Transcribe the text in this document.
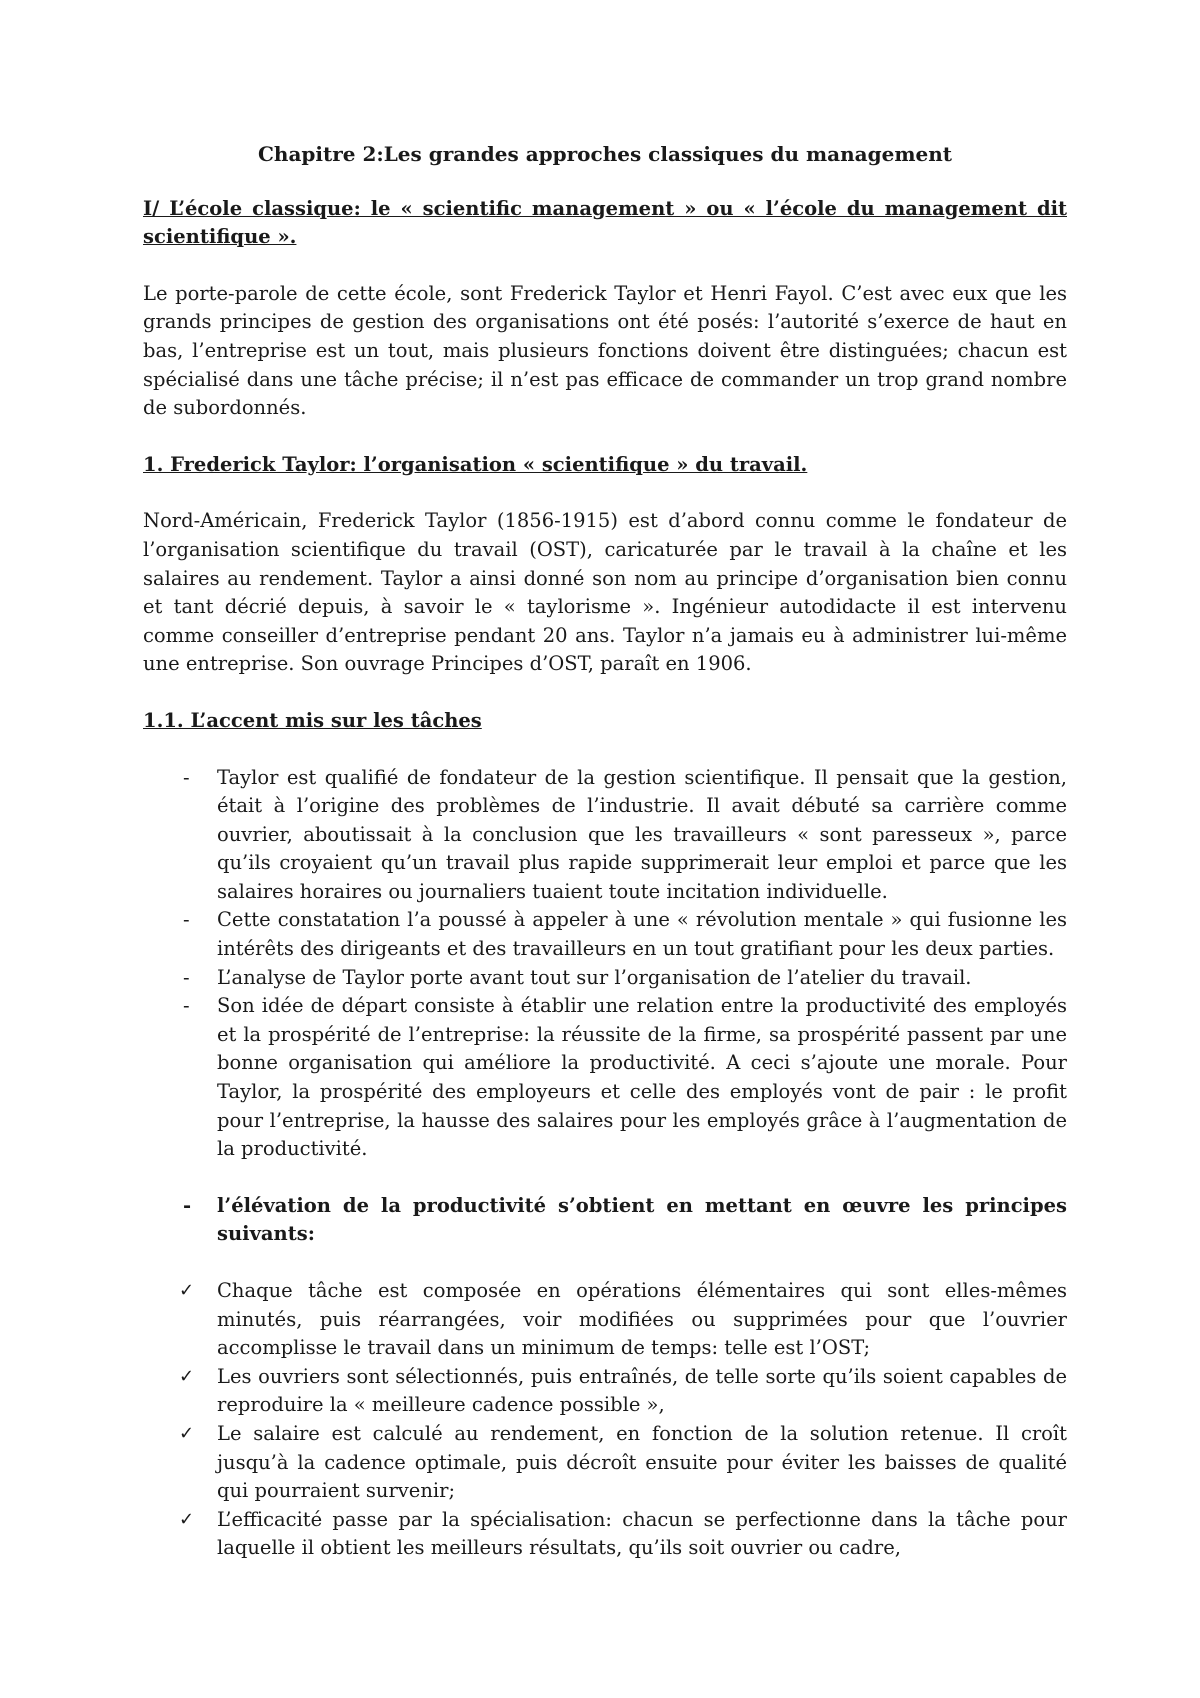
Chapitre 2:Les grandes approches classiques du management
I/ L’école classique: le « scientific management » ou « l’école du management dit scientifique ».

Le porte-parole de cette école, sont Frederick Taylor et Henri Fayol. C’est avec eux que les grands principes de gestion des organisations ont été posés: l’autorité s’exerce de haut en bas, l’entreprise est un tout, mais plusieurs fonctions doivent être distinguées; chacun est spécialisé dans une tâche précise; il n’est pas efficace de commander un trop grand nombre de subordonnés.

1. Frederick Taylor: l’organisation « scientifique » du travail.

Nord-Américain, Frederick Taylor (1856-1915) est d’abord connu comme le fondateur de l’organisation scientifique du travail (OST), caricaturée par le travail à la chaîne et les salaires au rendement. Taylor a ainsi donné son nom au principe d’organisation bien connu et tant décrié depuis, à savoir le « taylorisme ». Ingénieur autodidacte il est intervenu comme conseiller d’entreprise pendant 20 ans. Taylor n’a jamais eu à administrer lui-même une entreprise. Son ouvrage Principes d’OST, paraît en 1906.

1.1. L’accent mis sur les tâches
- Taylor est qualifié de fondateur de la gestion scientifique. Il pensait que la gestion, était à l’origine des problèmes de l’industrie. Il avait débuté sa carrière comme ouvrier, aboutissait à la conclusion que les travailleurs « sont paresseux », parce qu’ils croyaient qu’un travail plus rapide supprimerait leur emploi et parce que les salaires horaires ou journaliers tuaient toute incitation individuelle.
- Cette constatation l’a poussé à appeler à une « révolution mentale » qui fusionne les intérêts des dirigeants et des travailleurs en un tout gratifiant pour les deux parties.
- L’analyse de Taylor porte avant tout sur l’organisation de l’atelier du travail.
- Son idée de départ consiste à établir une relation entre la productivité des employés et la prospérité de l’entreprise: la réussite de la firme, sa prospérité passent par une bonne organisation qui améliore la productivité. A ceci s’ajoute une morale. Pour Taylor, la prospérité des employeurs et celle des employés vont de pair : le profit pour l’entreprise, la hausse des salaires pour les employés grâce à l’augmentation de la productivité.
- l’élévation de la productivité s’obtient en mettant en œuvre les principes suivants:
✓ Chaque tâche est composée en opérations élémentaires qui sont elles-mêmes minutés, puis réarrangées, voir modifiées ou supprimées pour que l’ouvrier accomplisse le travail dans un minimum de temps: telle est l’OST;
✓ Les ouvriers sont sélectionnés, puis entraînés, de telle sorte qu’ils soient capables de reproduire la « meilleure cadence possible »,
✓ Le salaire est calculé au rendement, en fonction de la solution retenue. Il croît jusqu’à la cadence optimale, puis décroît ensuite pour éviter les baisses de qualité qui pourraient survenir;
✓ L’efficacité passe par la spécialisation: chacun se perfectionne dans la tâche pour laquelle il obtient les meilleurs résultats, qu’ils soit ouvrier ou cadre,
